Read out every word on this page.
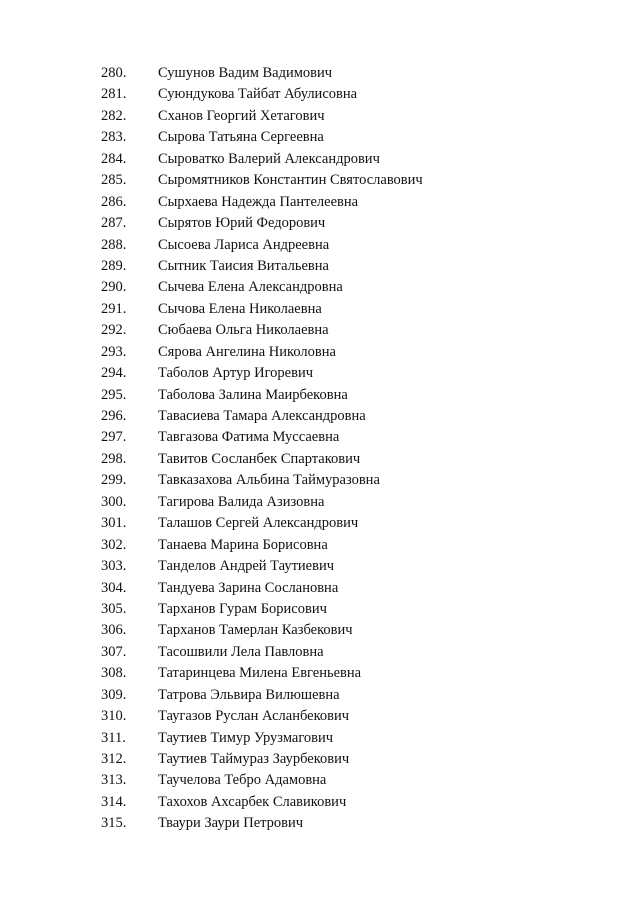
280. Сушунов Вадим Вадимович
281. Суюндукова Тайбат Абулисовна
282. Сханов Георгий Хетагович
283. Сырова Татьяна Сергеевна
284. Сыроватко Валерий Александрович
285. Сыромятников Константин Святославович
286. Сырхаева Надежда Пантелеевна
287. Сырятов Юрий Федорович
288. Сысоева Лариса Андреевна
289. Сытник Таисия Витальевна
290. Сычева Елена Александровна
291. Сычова Елена Николаевна
292. Сюбаева Ольга Николаевна
293. Сярова Ангелина Николовна
294. Таболов Артур Игоревич
295. Таболова Залина Маирбековна
296. Тавасиева Тамара Александровна
297. Тавгазова Фатима Муссаевна
298. Тавитов Сосланбек Спартакович
299. Тавказахова Альбина Таймуразовна
300. Тагирова Валида Азизовна
301. Талашов Сергей Александрович
302. Танаева Марина Борисовна
303. Танделов Андрей Таутиевич
304. Тандуева Зарина Сослановна
305. Тарханов Гурам Борисович
306. Тарханов Тамерлан Казбекович
307. Тасошвили Лела Павловна
308. Татаринцева Милена Евгеньевна
309. Татрова Эльвира Вилюшевна
310. Таугазов Руслан Асланбекович
311. Таутиев Тимур Урузмагович
312. Таутиев Таймураз Заурбекович
313. Таучелова Тебро Адамовна
314. Тахохов Ахсарбек Славикович
315. Тваури Заури Петрович
